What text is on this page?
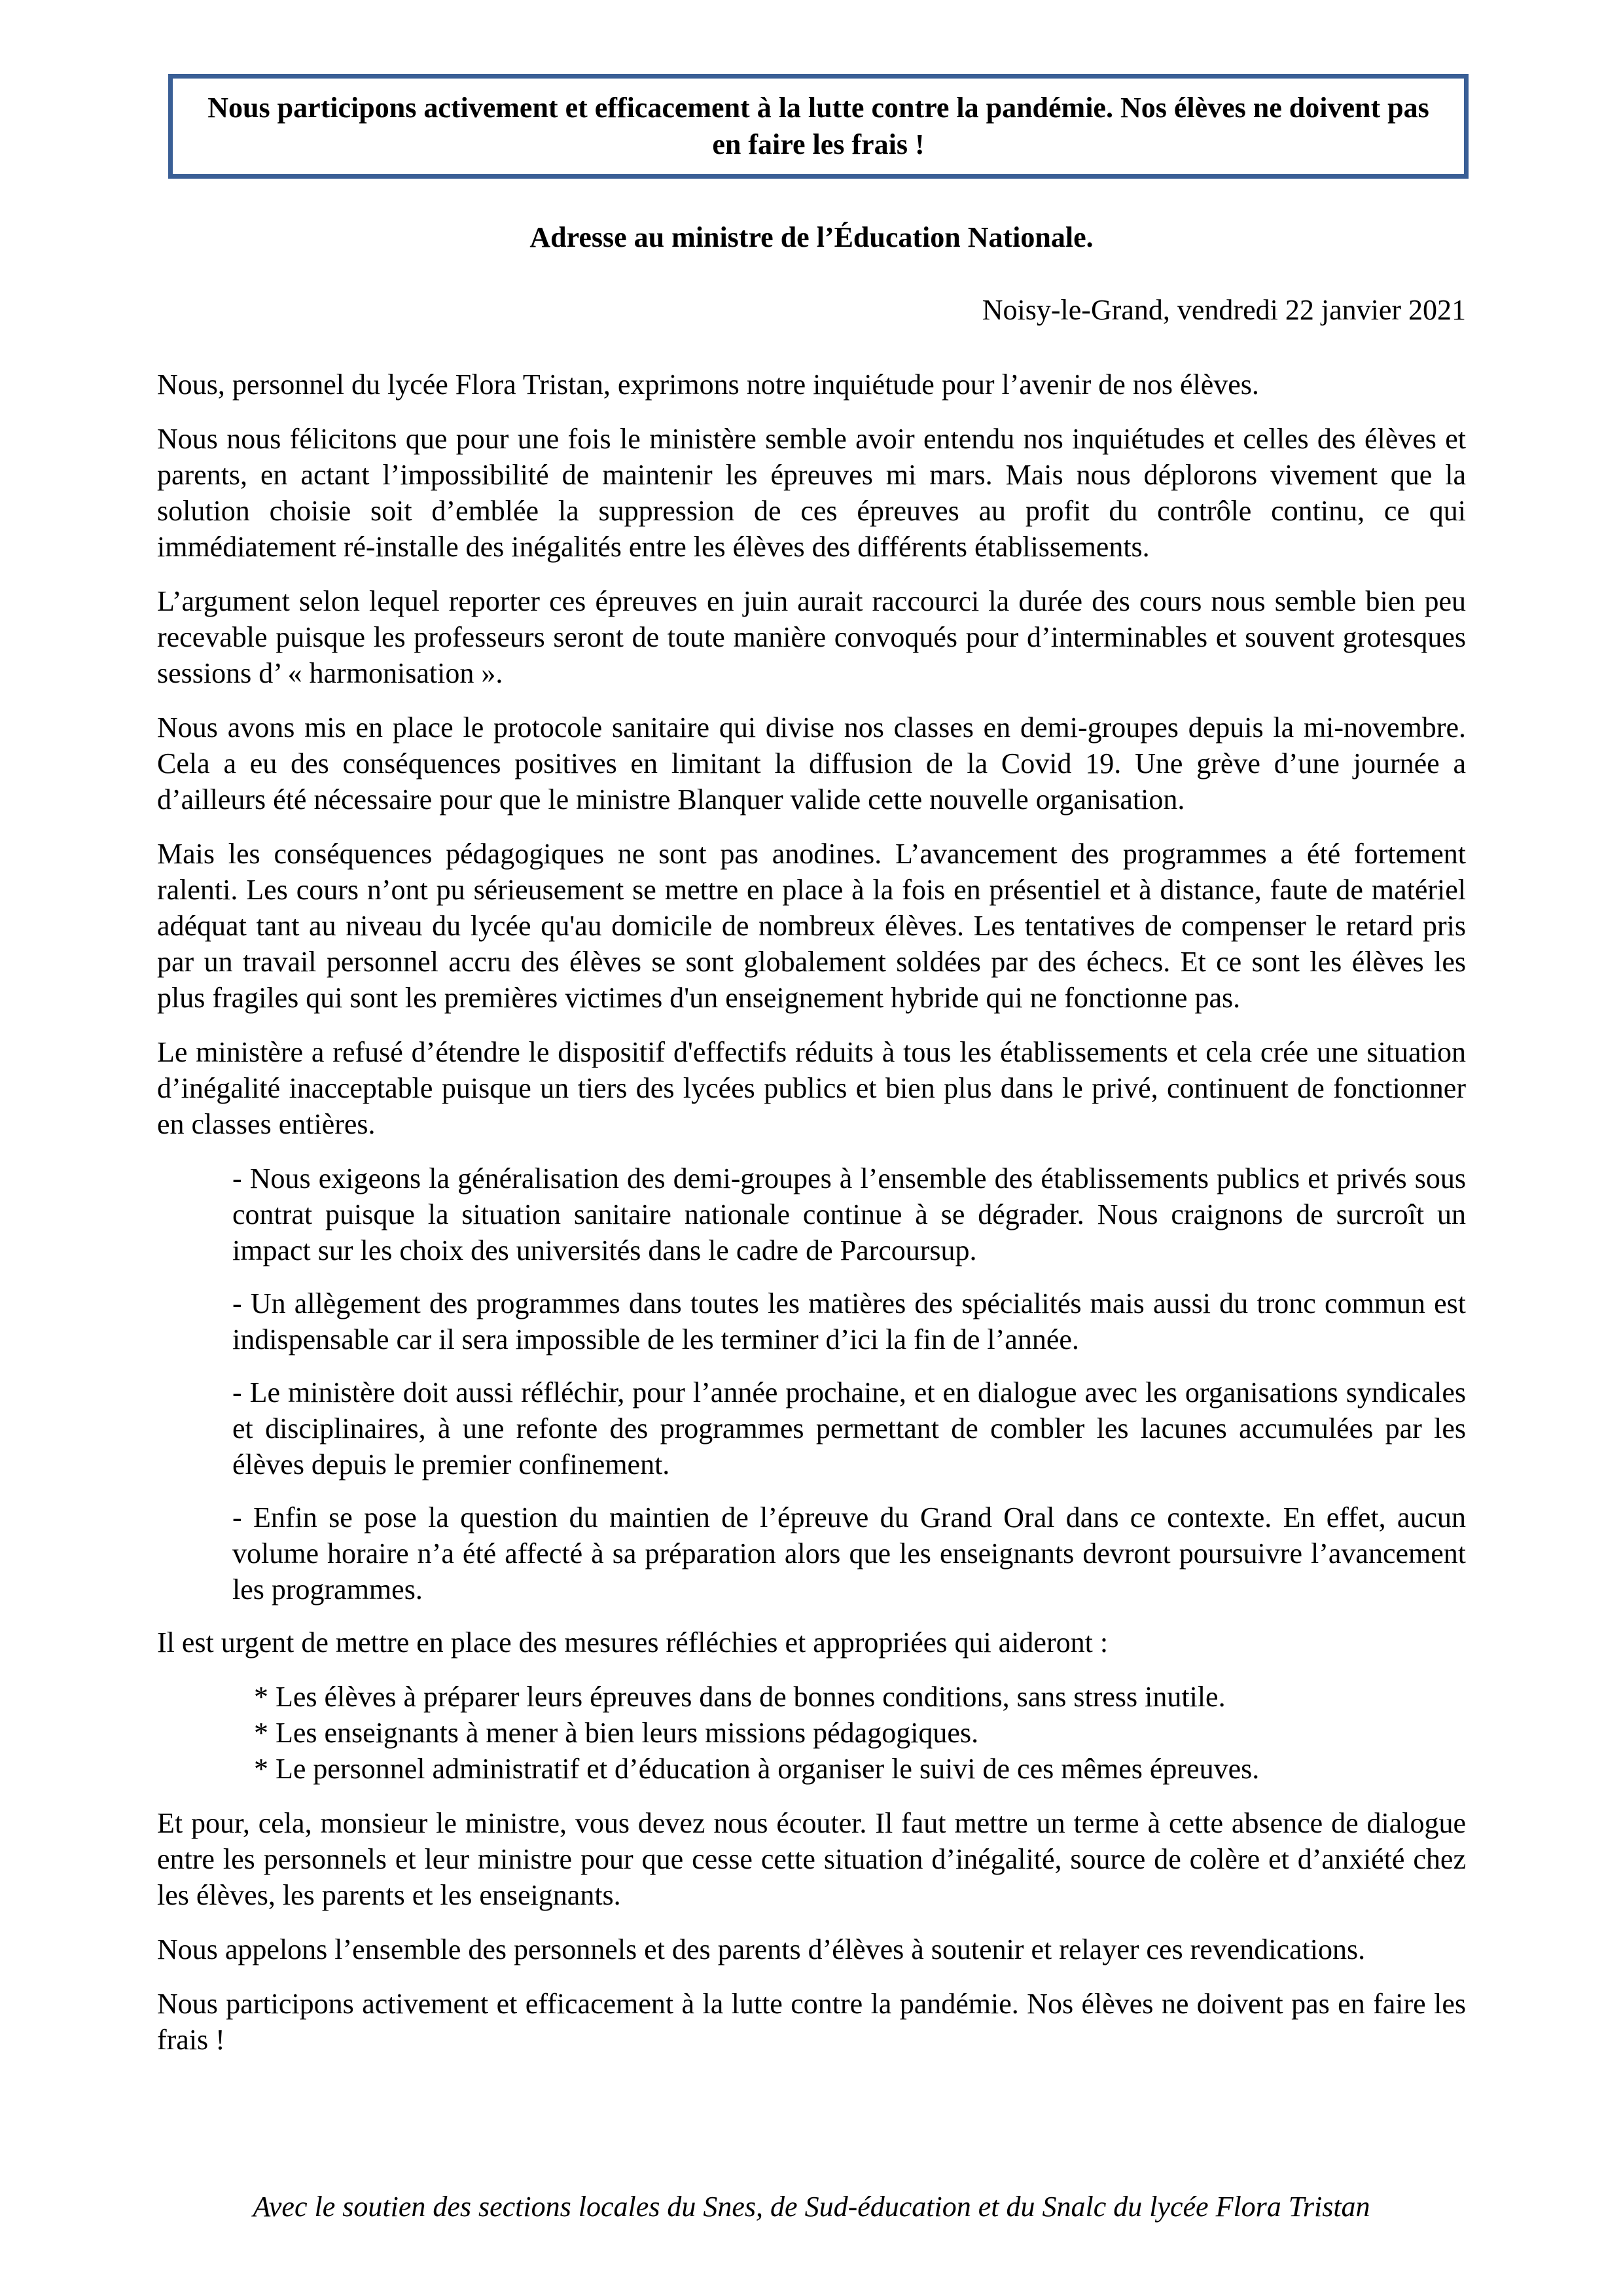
Nous participons activement et efficacement à la lutte contre la pandémie. Nos élèves ne doivent pas en faire les frais !
Adresse au ministre de l’Éducation Nationale.
Noisy-le-Grand, vendredi 22 janvier 2021

Nous, personnel du lycée Flora Tristan, exprimons notre inquiétude pour l’avenir de nos élèves.

Nous nous félicitons que pour une fois le ministère semble avoir entendu nos inquiétudes et celles des élèves et parents, en actant l’impossibilité de maintenir les épreuves mi mars. Mais nous déplorons vivement que la solution choisie soit d’emblée la suppression de ces épreuves au profit du contrôle continu, ce qui immédiatement ré-installe des inégalités entre les élèves des différents établissements.

L’argument selon lequel reporter ces épreuves en juin aurait raccourci la durée des cours nous semble bien peu recevable puisque les professeurs seront de toute manière convoqués pour d’interminables et souvent grotesques sessions d’ « harmonisation ».

Nous avons mis en place le protocole sanitaire qui divise nos classes en demi-groupes depuis la mi-novembre. Cela a eu des conséquences positives en limitant la diffusion de la Covid 19. Une grève d’une journée a d’ailleurs été nécessaire pour que le ministre Blanquer valide cette nouvelle organisation.

Mais les conséquences pédagogiques ne sont pas anodines. L’avancement des programmes a été fortement ralenti. Les cours n’ont pu sérieusement se mettre en place à la fois en présentiel et à distance, faute de matériel adéquat tant au niveau du lycée qu'au domicile de nombreux élèves. Les tentatives de compenser le retard pris par un travail personnel accru des élèves se sont globalement soldées par des échecs. Et ce sont les élèves les plus fragiles qui sont les premières victimes d'un enseignement hybride qui ne fonctionne pas.

Le ministère a refusé d’étendre le dispositif d'effectifs réduits à tous les établissements et cela crée une situation d’inégalité inacceptable puisque un tiers des lycées publics et bien plus dans le privé, continuent de fonctionner en classes entières.

- Nous exigeons la généralisation des demi-groupes à l’ensemble des établissements publics et privés sous contrat puisque la situation sanitaire nationale continue à se dégrader. Nous craignons de surcroît un impact sur les choix des universités dans le cadre de Parcoursup.

- Un allègement des programmes dans toutes les matières des spécialités mais aussi du tronc commun est indispensable car il sera impossible de les terminer d’ici la fin de l’année.

- Le ministère doit aussi réfléchir, pour l’année prochaine, et en dialogue avec les organisations syndicales et disciplinaires, à une refonte des programmes permettant de combler les lacunes accumulées par les élèves depuis le premier confinement.

- Enfin se pose la question du maintien de l’épreuve du Grand Oral dans ce contexte. En effet, aucun volume horaire n’a été affecté à sa préparation alors que les enseignants devront poursuivre l’avancement les programmes.

Il est urgent de mettre en place des mesures réfléchies et appropriées qui aideront :

* Les élèves à préparer leurs épreuves dans de bonnes conditions, sans stress inutile.
* Les enseignants à mener à bien leurs missions pédagogiques.
* Le personnel administratif et d’éducation à organiser le suivi de ces mêmes épreuves.

Et pour, cela, monsieur le ministre, vous devez nous écouter. Il faut mettre un terme à cette absence de dialogue entre les personnels et leur ministre pour que cesse cette situation d’inégalité, source de colère et d’anxiété chez les élèves, les parents et les enseignants.

Nous appelons l’ensemble des personnels et des parents d’élèves à soutenir et relayer ces revendications.

Nous participons activement et efficacement à la lutte contre la pandémie. Nos élèves ne doivent pas en faire les frais !

Avec le soutien des sections locales du Snes, de Sud-éducation et du Snalc du lycée Flora Tristan
